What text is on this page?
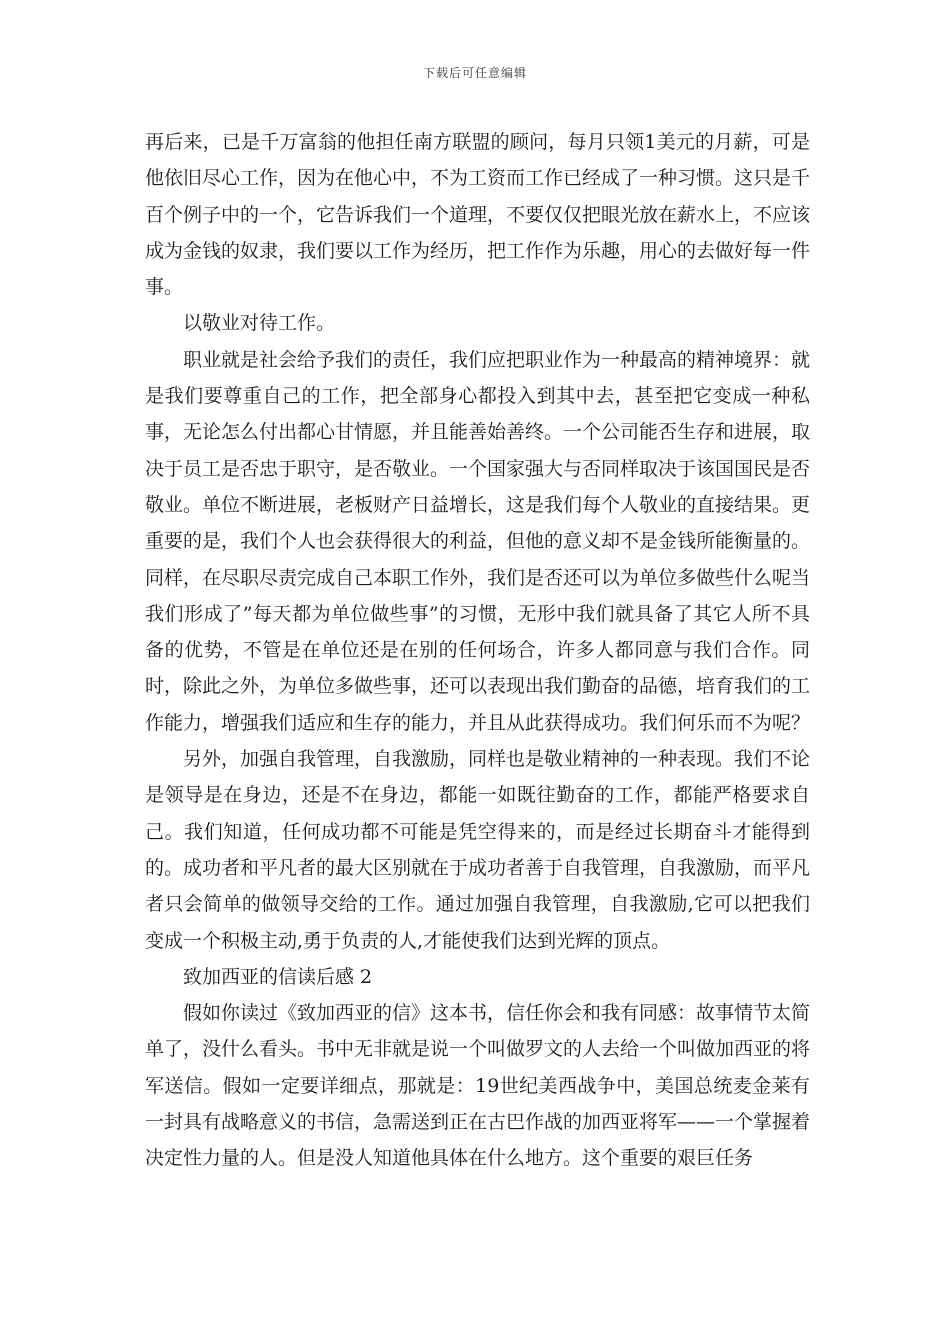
下载后可任意编辑

再后来，已是千万富翁的他担任南方联盟的顾问，每月只领1美元的月薪，可是他依旧尽心工作，因为在他心中，不为工资而工作已经成了一种习惯。这只是千百个例子中的一个，它告诉我们一个道理，不要仅仅把眼光放在薪水上，不应该成为金钱的奴隶，我们要以工作为经历，把工作作为乐趣，用心的去做好每一件事。

以敬业对待工作。

职业就是社会给予我们的责任，我们应把职业作为一种最高的精神境界：就是我们要尊重自己的工作，把全部身心都投入到其中去，甚至把它变成一种私事，无论怎么付出都心甘情愿，并且能善始善终。一个公司能否生存和进展，取决于员工是否忠于职守，是否敬业。一个国家强大与否同样取决于该国国民是否敬业。单位不断进展，老板财产日益增长，这是我们每个人敬业的直接结果。更重要的是，我们个人也会获得很大的利益，但他的意义却不是金钱所能衡量的。同样，在尽职尽责完成自己本职工作外，我们是否还可以为单位多做些什么呢当我们形成了”每天都为单位做些事”的习惯，无形中我们就具备了其它人所不具备的优势，不管是在单位还是在别的任何场合，许多人都同意与我们合作。同时，除此之外，为单位多做些事，还可以表现出我们勤奋的品德，培育我们的工作能力，增强我们适应和生存的能力，并且从此获得成功。我们何乐而不为呢？

另外，加强自我管理，自我激励，同样也是敬业精神的一种表现。我们不论是领导是在身边，还是不在身边，都能一如既往勤奋的工作，都能严格要求自己。我们知道，任何成功都不可能是凭空得来的，而是经过长期奋斗才能得到的。成功者和平凡者的最大区别就在于成功者善于自我管理，自我激励，而平凡者只会简单的做领导交给的工作。通过加强自我管理，自我激励,它可以把我们变成一个积极主动,勇于负责的人,才能使我们达到光辉的顶点。

致加西亚的信读后感 2

假如你读过《致加西亚的信》这本书，信任你会和我有同感：故事情节太简单了，没什么看头。书中无非就是说一个叫做罗文的人去给一个叫做加西亚的将军送信。假如一定要详细点，那就是：19世纪美西战争中，美国总统麦金莱有一封具有战略意义的书信，急需送到正在古巴作战的加西亚将军——一个掌握着决定性力量的人。但是没人知道他具体在什么地方。这个重要的艰巨任务
